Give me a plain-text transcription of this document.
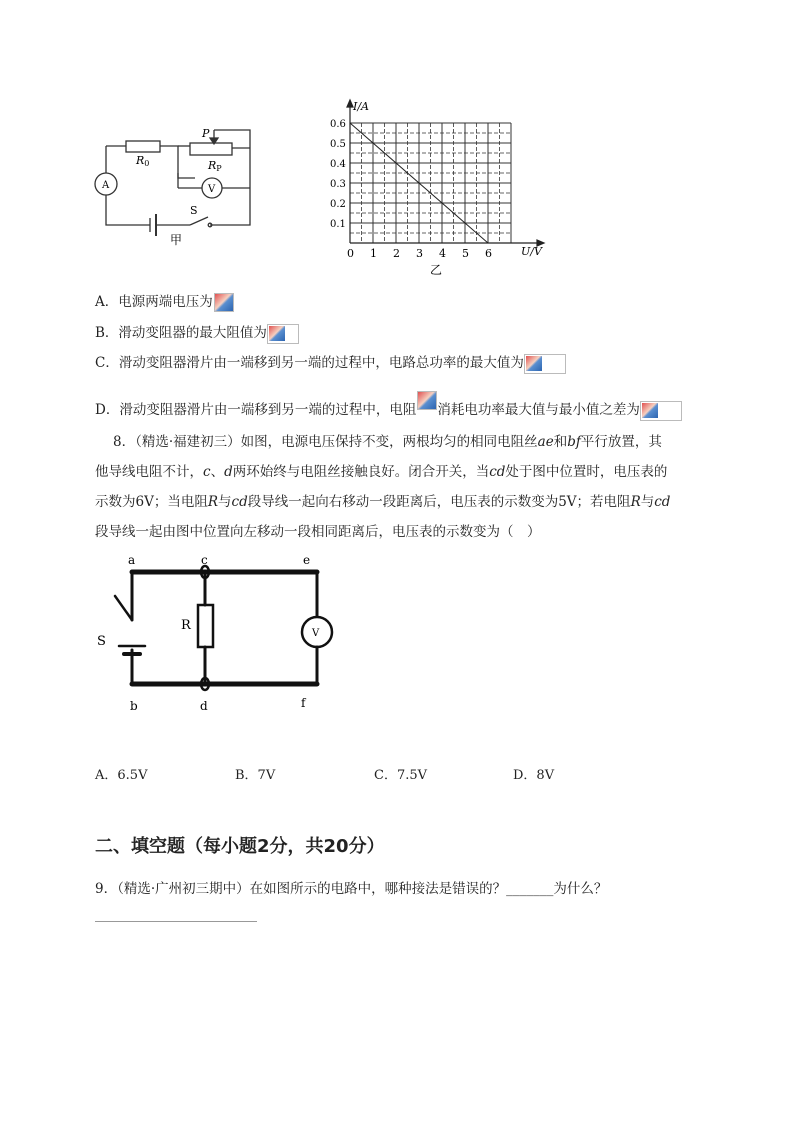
R0	RP
P
A	V
S
甲
0.6
0.5
0.4
0.3
0.2
0.1
0 1 2 3 4 5 6
I/A
U/V
乙
A．电源两端电压为
B．滑动变阻器的最大阻值为
C．滑动变阻器滑片由一端移到另一端的过程中，电路总功率的最大值为
D．滑动变阻器滑片由一端移到另一端的过程中，电阻 消耗电功率最大值与最小值之差为
8．（精选·福建初三）如图，电源电压保持不变，两根均匀的相同电阻丝ae和bf平行放置，其
他导线电阻不计，c、d两环始终与电阻丝接触良好。闭合开关，当cd处于图中位置时，电压表的
示数为6V；当电阻R与cd段导线一起向右移动一段距离后，电压表的示数变为5V；若电阻R与cd
段导线一起由图中位置向左移动一段相同距离后，电压表的示数变为（　）
a	c	e
b	d	f
S
R
V
A．6.5V	B．7V	C．7.5V	D．8V
二、填空题（每小题2分，共20分）
9．（精选·广州初三期中）在如图所示的电路中，哪种接法是错误的？_______为什么？
